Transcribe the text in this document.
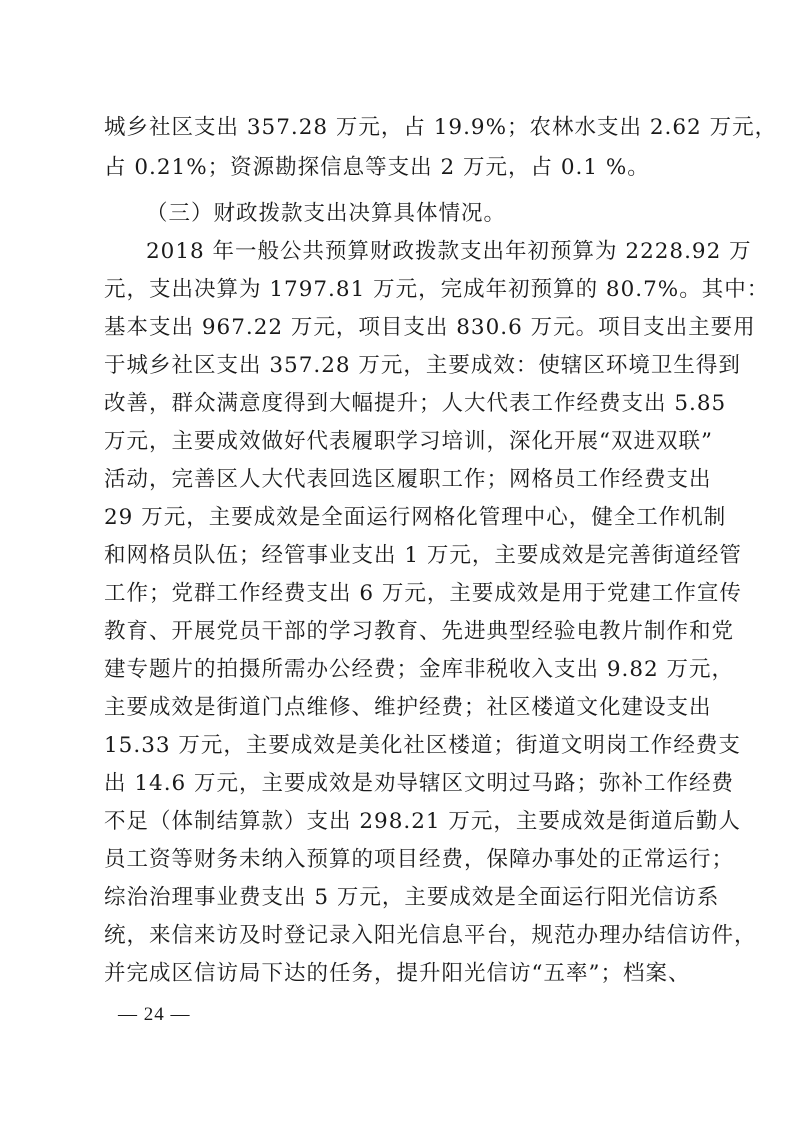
城乡社区支出 357.28 万元，占 19.9%；农林水支出 2.62 万元，
占 0.21%；资源勘探信息等支出 2 万元，占 0.1 %。
（三）财政拨款支出决算具体情况。
2018 年一般公共预算财政拨款支出年初预算为 2228.92 万
元，支出决算为 1797.81 万元，完成年初预算的 80.7%。其中：
基本支出 967.22 万元，项目支出 830.6 万元。项目支出主要用
于城乡社区支出 357.28 万元，主要成效：使辖区环境卫生得到
改善，群众满意度得到大幅提升；人大代表工作经费支出 5.85
万元，主要成效做好代表履职学习培训，深化开展“双进双联”
活动，完善区人大代表回选区履职工作；网格员工作经费支出
29 万元，主要成效是全面运行网格化管理中心，健全工作机制
和网格员队伍；经管事业支出 1 万元，主要成效是完善街道经管
工作；党群工作经费支出 6 万元，主要成效是用于党建工作宣传
教育、开展党员干部的学习教育、先进典型经验电教片制作和党
建专题片的拍摄所需办公经费；金库非税收入支出 9.82 万元，
主要成效是街道门点维修、维护经费；社区楼道文化建设支出
15.33 万元，主要成效是美化社区楼道；街道文明岗工作经费支
出 14.6 万元，主要成效是劝导辖区文明过马路；弥补工作经费
不足（体制结算款）支出 298.21 万元，主要成效是街道后勤人
员工资等财务未纳入预算的项目经费，保障办事处的正常运行；
综治治理事业费支出 5 万元，主要成效是全面运行阳光信访系
统，来信来访及时登记录入阳光信息平台，规范办理办结信访件，
并完成区信访局下达的任务，提升阳光信访“五率”；档案、
— 24 —
